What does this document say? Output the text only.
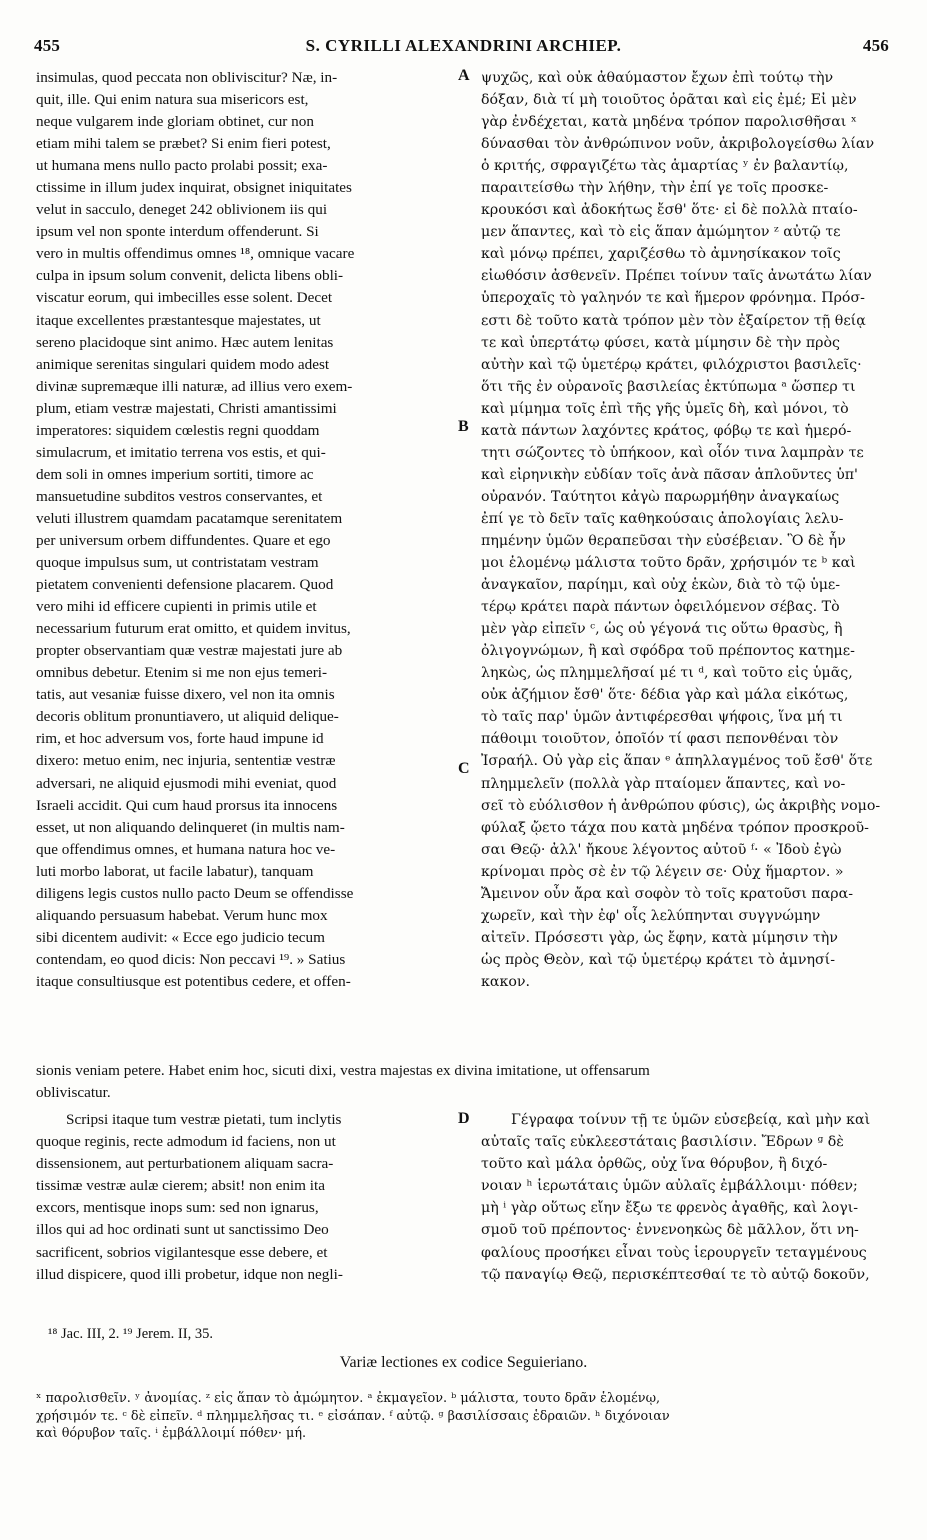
455	S. CYRILLI ALEXANDRINI ARCHIEP.	456
A
B
C
D
insimulas, quod peccata non obliviscitur? Næ, in-
quit, ille. Qui enim natura sua misericors est,
neque vulgarem inde gloriam obtinet, cur non
etiam mihi talem se præbet? Si enim fieri potest,
ut humana mens nullo pacto prolabi possit; exa-
ctissime in illum judex inquirat, obsignet iniquitates
velut in sacculo, deneget 242 oblivionem iis qui
ipsum vel non sponte interdum offenderunt. Si
vero in multis offendimus omnes ¹⁸, omnique vacare
culpa in ipsum solum convenit, delicta libens obli-
viscatur eorum, qui imbecilles esse solent. Decet
itaque excellentes præstantesque majestates, ut
sereno placidoque sint animo. Hæc autem lenitas
animique serenitas singulari quidem modo adest
divinæ supremæque illi naturæ, ad illius vero exem-
plum, etiam vestræ majestati, Christi amantissimi
imperatores: siquidem cœlestis regni quoddam
simulacrum, et imitatio terrena vos estis, et qui-
dem soli in omnes imperium sortiti, timore ac
mansuetudine subditos vestros conservantes, et
veluti illustrem quamdam pacatamque serenitatem
per universum orbem diffundentes. Quare et ego
quoque impulsus sum, ut contristatam vestram
pietatem convenienti defensione placarem. Quod
vero mihi id efficere cupienti in primis utile et
necessarium futurum erat omitto, et quidem invitus,
propter observantiam quæ vestræ majestati jure ab
omnibus debetur. Etenim si me non ejus temeri-
tatis, aut vesaniæ fuisse dixero, vel non ita omnis
decoris oblitum pronuntiavero, ut aliquid delique-
rim, et hoc adversum vos, forte haud impune id
dixero: metuo enim, nec injuria, sententiæ vestræ
adversari, ne aliquid ejusmodi mihi eveniat, quod
Israeli accidit. Qui cum haud prorsus ita innocens
esset, ut non aliquando delinqueret (in multis nam-
que offendimus omnes, et humana natura hoc ve-
luti morbo laborat, ut facile labatur), tanquam
diligens legis custos nullo pacto Deum se offendisse
aliquando persuasum habebat. Verum hunc mox
sibi dicentem audivit: « Ecce ego judicio tecum
contendam, eo quod dicis: Non peccavi ¹⁹. » Satius
itaque consultiusque est potentibus cedere, et offen-
ψυχῶς, καὶ οὐκ ἀθαύμαστον ἔχων ἐπὶ τούτῳ τὴν
δόξαν, διὰ τί μὴ τοιοῦτος ὁρᾶται καὶ εἰς ἐμέ; Εἰ μὲν
γὰρ ἐνδέχεται, κατὰ μηδένα τρόπον παρολισθῆσαι ˣ
δύνασθαι τὸν ἀνθρώπινον νοῦν, ἀκριβολογείσθω λίαν
ὁ κριτής, σφραγιζέτω τὰς ἁμαρτίας ʸ ἐν βαλαντίῳ,
παραιτείσθω τὴν λήθην, τὴν ἐπί γε τοῖς προσκε-
κρουκόσι καὶ ἀδοκήτως ἔσθ' ὅτε· εἰ δὲ πολλὰ πταίο-
μεν ἅπαντες, καὶ τὸ εἰς ἅπαν ἀμώμητον ᶻ αὐτῷ τε
καὶ μόνῳ πρέπει, χαριζέσθω τὸ ἀμνησίκακον τοῖς
εἰωθόσιν ἀσθενεῖν. Πρέπει τοίνυν ταῖς ἀνωτάτω λίαν
ὑπεροχαῖς τὸ γαληνόν τε καὶ ἥμερον φρόνημα. Πρόσ-
εστι δὲ τοῦτο κατὰ τρόπον μὲν τὸν ἐξαίρετον τῇ θείᾳ
τε καὶ ὑπερτάτῳ φύσει, κατὰ μίμησιν δὲ τὴν πρὸς
αὐτὴν καὶ τῷ ὑμετέρῳ κράτει, φιλόχριστοι βασιλεῖς·
ὅτι τῆς ἐν οὐρανοῖς βασιλείας ἐκτύπωμα ᵃ ὥσπερ τι
καὶ μίμημα τοῖς ἐπὶ τῆς γῆς ὑμεῖς δὴ, καὶ μόνοι, τὸ
κατὰ πάντων λαχόντες κράτος, φόβῳ τε καὶ ἡμερό-
τητι σώζοντες τὸ ὑπήκοον, καὶ οἷόν τινα λαμπρὰν τε
καὶ εἰρηνικὴν εὐδίαν τοῖς ἀνὰ πᾶσαν ἁπλοῦντες ὑπ'
οὐρανόν. Ταύτητοι κἀγὼ παρωρμήθην ἀναγκαίως
ἐπί γε τὸ δεῖν ταῖς καθηκούσαις ἀπολογίαις λελυ-
πημένην ὑμῶν θεραπεῦσαι τὴν εὐσέβειαν. Ὃ δὲ ἦν
μοι ἑλομένῳ μάλιστα τοῦτο δρᾶν, χρήσιμόν τε ᵇ καὶ
ἀναγκαῖον, παρίημι, καὶ οὐχ ἑκὼν, διὰ τὸ τῷ ὑμε-
τέρῳ κράτει παρὰ πάντων ὀφειλόμενον σέβας. Τὸ
μὲν γὰρ εἰπεῖν ᶜ, ὡς οὐ γέγονά τις οὕτω θρασὺς, ἢ
ὀλιγογνώμων, ἢ καὶ σφόδρα τοῦ πρέποντος κατημε-
ληκὼς, ὡς πλημμελῆσαί μέ τι ᵈ, καὶ τοῦτο εἰς ὑμᾶς,
οὐκ ἀζήμιον ἔσθ' ὅτε· δέδια γὰρ καὶ μάλα εἰκότως,
τὸ ταῖς παρ' ὑμῶν ἀντιφέρεσθαι ψήφοις, ἵνα μή τι
πάθοιμι τοιοῦτον, ὁποῖόν τί φασι πεπονθέναι τὸν
Ἰσραήλ. Οὐ γὰρ εἰς ἅπαν ᵉ ἀπηλλαγμένος τοῦ ἔσθ' ὅτε
πλημμελεῖν (πολλὰ γὰρ πταίομεν ἅπαντες, καὶ νο-
σεῖ τὸ εὐόλισθον ἡ ἀνθρώπου φύσις), ὡς ἀκριβὴς νομο-
φύλαξ ᾤετο τάχα που κατὰ μηδένα τρόπον προσκροῦ-
σαι Θεῷ· ἀλλ' ἤκουε λέγοντος αὐτοῦ ᶠ· « Ἰδοὺ ἐγὼ
κρίνομαι πρὸς σὲ ἐν τῷ λέγειν σε· Οὐχ ἥμαρτον. »
Ἄμεινον οὖν ἄρα καὶ σοφὸν τὸ τοῖς κρατοῦσι παρα-
χωρεῖν, καὶ τὴν ἐφ' οἷς λελύπηνται συγγνώμην
αἰτεῖν. Πρόσεστι γὰρ, ὡς ἔφην, κατὰ μίμησιν τὴν
ὡς πρὸς Θεὸν, καὶ τῷ ὑμετέρῳ κράτει τὸ ἀμνησί-
κακον.
sionis veniam petere. Habet enim hoc, sicuti dixi, vestra majestas ex divina imitatione, ut offensarum
obliviscatur.
Scripsi itaque tum vestræ pietati, tum inclytis
quoque reginis, recte admodum id faciens, non ut
dissensionem, aut perturbationem aliquam sacra-
tissimæ vestræ aulæ cierem; absit! non enim ita
excors, mentisque inops sum: sed non ignarus,
illos qui ad hoc ordinati sunt ut sanctissimo Deo
sacrificent, sobrios vigilantesque esse debere, et
illud dispicere, quod illi probetur, idque non negli-
Γέγραφα τοίνυν τῇ τε ὑμῶν εὐσεβείᾳ, καὶ μὴν καὶ
αὐταῖς ταῖς εὐκλεεστάταις βασιλίσιν. Ἔδρων ᵍ δὲ
τοῦτο καὶ μάλα ὀρθῶς, οὐχ ἵνα θόρυβον, ἢ διχό-
νοιαν ʰ ἱερωτάταις ὑμῶν αὐλαῖς ἐμβάλλοιμι· πόθεν;
μὴ ⁱ γὰρ οὕτως εἴην ἔξω τε φρενὸς ἀγαθῆς, καὶ λογι-
σμοῦ τοῦ πρέποντος· ἐννενοηκὼς δὲ μᾶλλον, ὅτι νη-
φαλίους προσήκει εἶναι τοὺς ἱερουργεῖν τεταγμένους
τῷ παναγίῳ Θεῷ, περισκέπτεσθαί τε τὸ αὐτῷ δοκοῦν,
¹⁸ Jac. III, 2. ¹⁹ Jerem. II, 35.
Variæ lectiones ex codice Seguieriano.
ˣ παρολισθεῖν. ʸ ἀνομίας. ᶻ εἰς ἅπαν τὸ ἀμώμητον. ᵃ ἐκμαγεῖον. ᵇ μάλιστα, τουτο δρᾶν ἑλομένῳ,
χρήσιμόν τε. ᶜ δὲ εἰπεῖν. ᵈ πλημμελῆσας τι. ᵉ εἰσάπαν. ᶠ αὐτῷ. ᵍ βασιλίσσαις ἑδραιῶν. ʰ διχόνοιαν
καὶ θόρυβον ταῖς. ⁱ ἐμβάλλοιμί πόθεν· μή.
